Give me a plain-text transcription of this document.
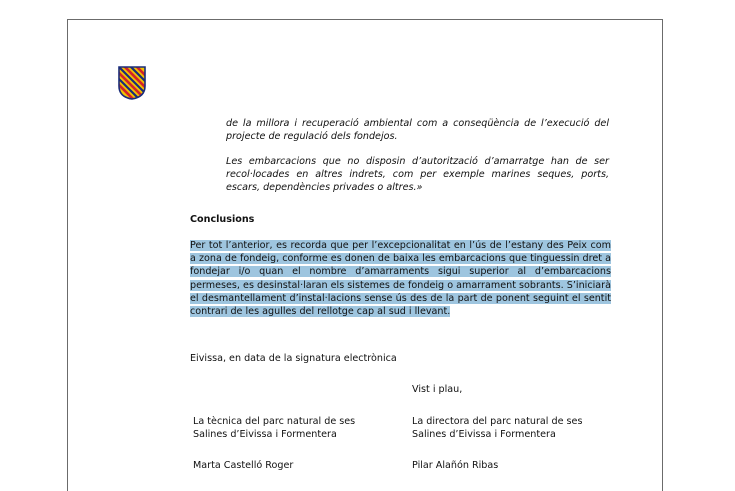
de la millora i recuperació ambiental com a conseqüència de l’execució del projecte de regulació dels fondejos.
Les embarcacions que no disposin d’autorització d’amarratge han de ser recol·locades en altres indrets, com per exemple marines seques, ports, escars, dependències privades o altres.»
Conclusions
Per tot l’anterior, es recorda que per l’excepcionalitat en l’ús de l’estany des Peix com a zona de fondeig, conforme es donen de baixa les embarcacions que tinguessin dret a fondejar i/o quan el nombre d’amarraments sigui superior al d’embarcacions permeses, es desinstal·laran els sistemes de fondeig o amarrament sobrants. S’iniciarà el desmantellament d’instal·lacions sense ús des de la part de ponent seguint el sentit contrari de les agulles del rellotge cap al sud i llevant.
Eivissa, en data de la signatura electrònica
Vist i plau,
La tècnica del parc natural de ses
Salines d’Eivissa i Formentera
La directora del parc natural de ses
Salines d’Eivissa i Formentera
Marta Castelló Roger	Pilar Alañón Ribas
